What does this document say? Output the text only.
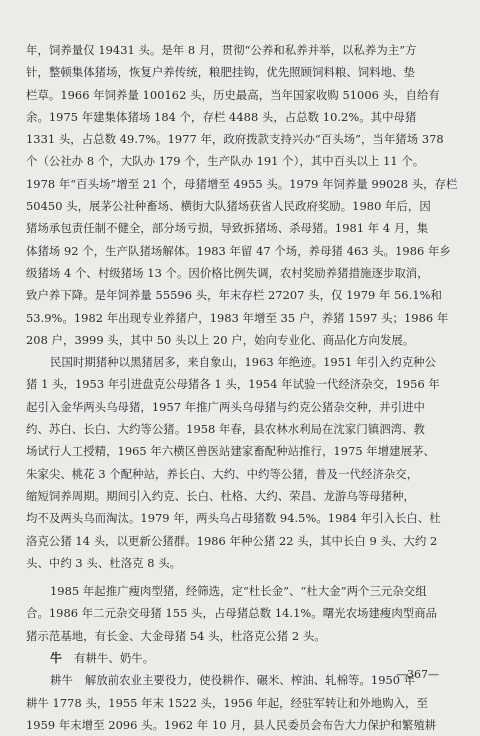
年，饲养量仅 19431 头。是年 8 月，贯彻“公养和私养并举，以私养为主”方
针，整顿集体猪场，恢复户养传统，粮肥挂钩，优先照顾饲料粮、饲料地、垫
栏草。1966 年饲养量 100162 头，历史最高，当年国家收购 51006 头，自给有
余。1975 年建集体猪场 184 个，存栏 4488 头，占总数 10.2%。其中母猪
1331 头，占总数 49.7%。1977 年，政府拨款支持兴办“百头场”，当年猪场 378
个（公社办 8 个，大队办 179 个，生产队办 191 个），其中百头以上 11 个。
1978 年“百头场”增至 21 个，母猪增至 4955 头。1979 年饲养量 99028 头，存栏
50450 头，展茅公社种畜场、横街大队猪场获省人民政府奖励。1980 年后，因
猪场承包责任制不健全，部分场亏损，导致拆猪场、杀母猪。1981 年 4 月，集
体猪场 92 个，生产队猪场解体。1983 年留 47 个场，养母猪 463 头。1986 年乡
级猪场 4 个、村级猪场 13 个。因价格比例失调，农村奖励养猪措施逐步取消，
致户养下降。是年饲养量 55596 头，年末存栏 27207 头，仅 1979 年 56.1%和
53.9%。1982 年出现专业养猪户，1983 年增至 35 户，养猪 1597 头；1986 年
208 户，3999 头，其中 50 头以上 20 户，始向专业化、商品化方向发展。
民国时期猪种以黑猪居多，来自象山，1963 年绝迹。1951 年引入约克种公
猪 1 头，1953 年引进盘克公母猪各 1 头，1954 年试验一代经济杂交，1956 年
起引入金华两头乌母猪，1957 年推广两头乌母猪与约克公猪杂交种，并引进中
约、苏白、长白、大约等公猪。1958 年春，县农林水利局在沈家门镇泗湾、教
场试行人工授精，1965 年六横区兽医站建家畜配种站推行，1975 年增建展茅、
朱家尖、桃花 3 个配种站，养长白、大约、中约等公猪，普及一代经济杂交，
缩短饲养周期。期间引入约克、长白、杜格、大约、荣昌、龙游乌等母猪种，
均不及两头乌而淘汰。1979 年，两头乌占母猪数 94.5%。1984 年引入长白、杜
洛克公猪 14 头，以更新公猪群。1986 年种公猪 22 头，其中长白 9 头、大约 2
头、中约 3 头、杜洛克 8 头。
1985 年起推广瘦肉型猪，经筛选，定“杜长金”、“杜大金”两个三元杂交组
合。1986 年二元杂交母猪 155 头，占母猪总数 14.1%。曙光农场建瘦肉型商品
猪示范基地，有长金、大金母猪 54 头，杜洛克公猪 2 头。
牛 有耕牛、奶牛。
耕牛 解放前农业主要役力，使役耕作、碾米、榨油、轧棉等。1950 年
耕牛 1778 头，1955 年末 1522 头，1956 年起，经驻军转让和外地购入，至
1959 年末增至 2096 头。1962 年 10 月，县人民委员会布告大力保护和繁殖耕
—367—
